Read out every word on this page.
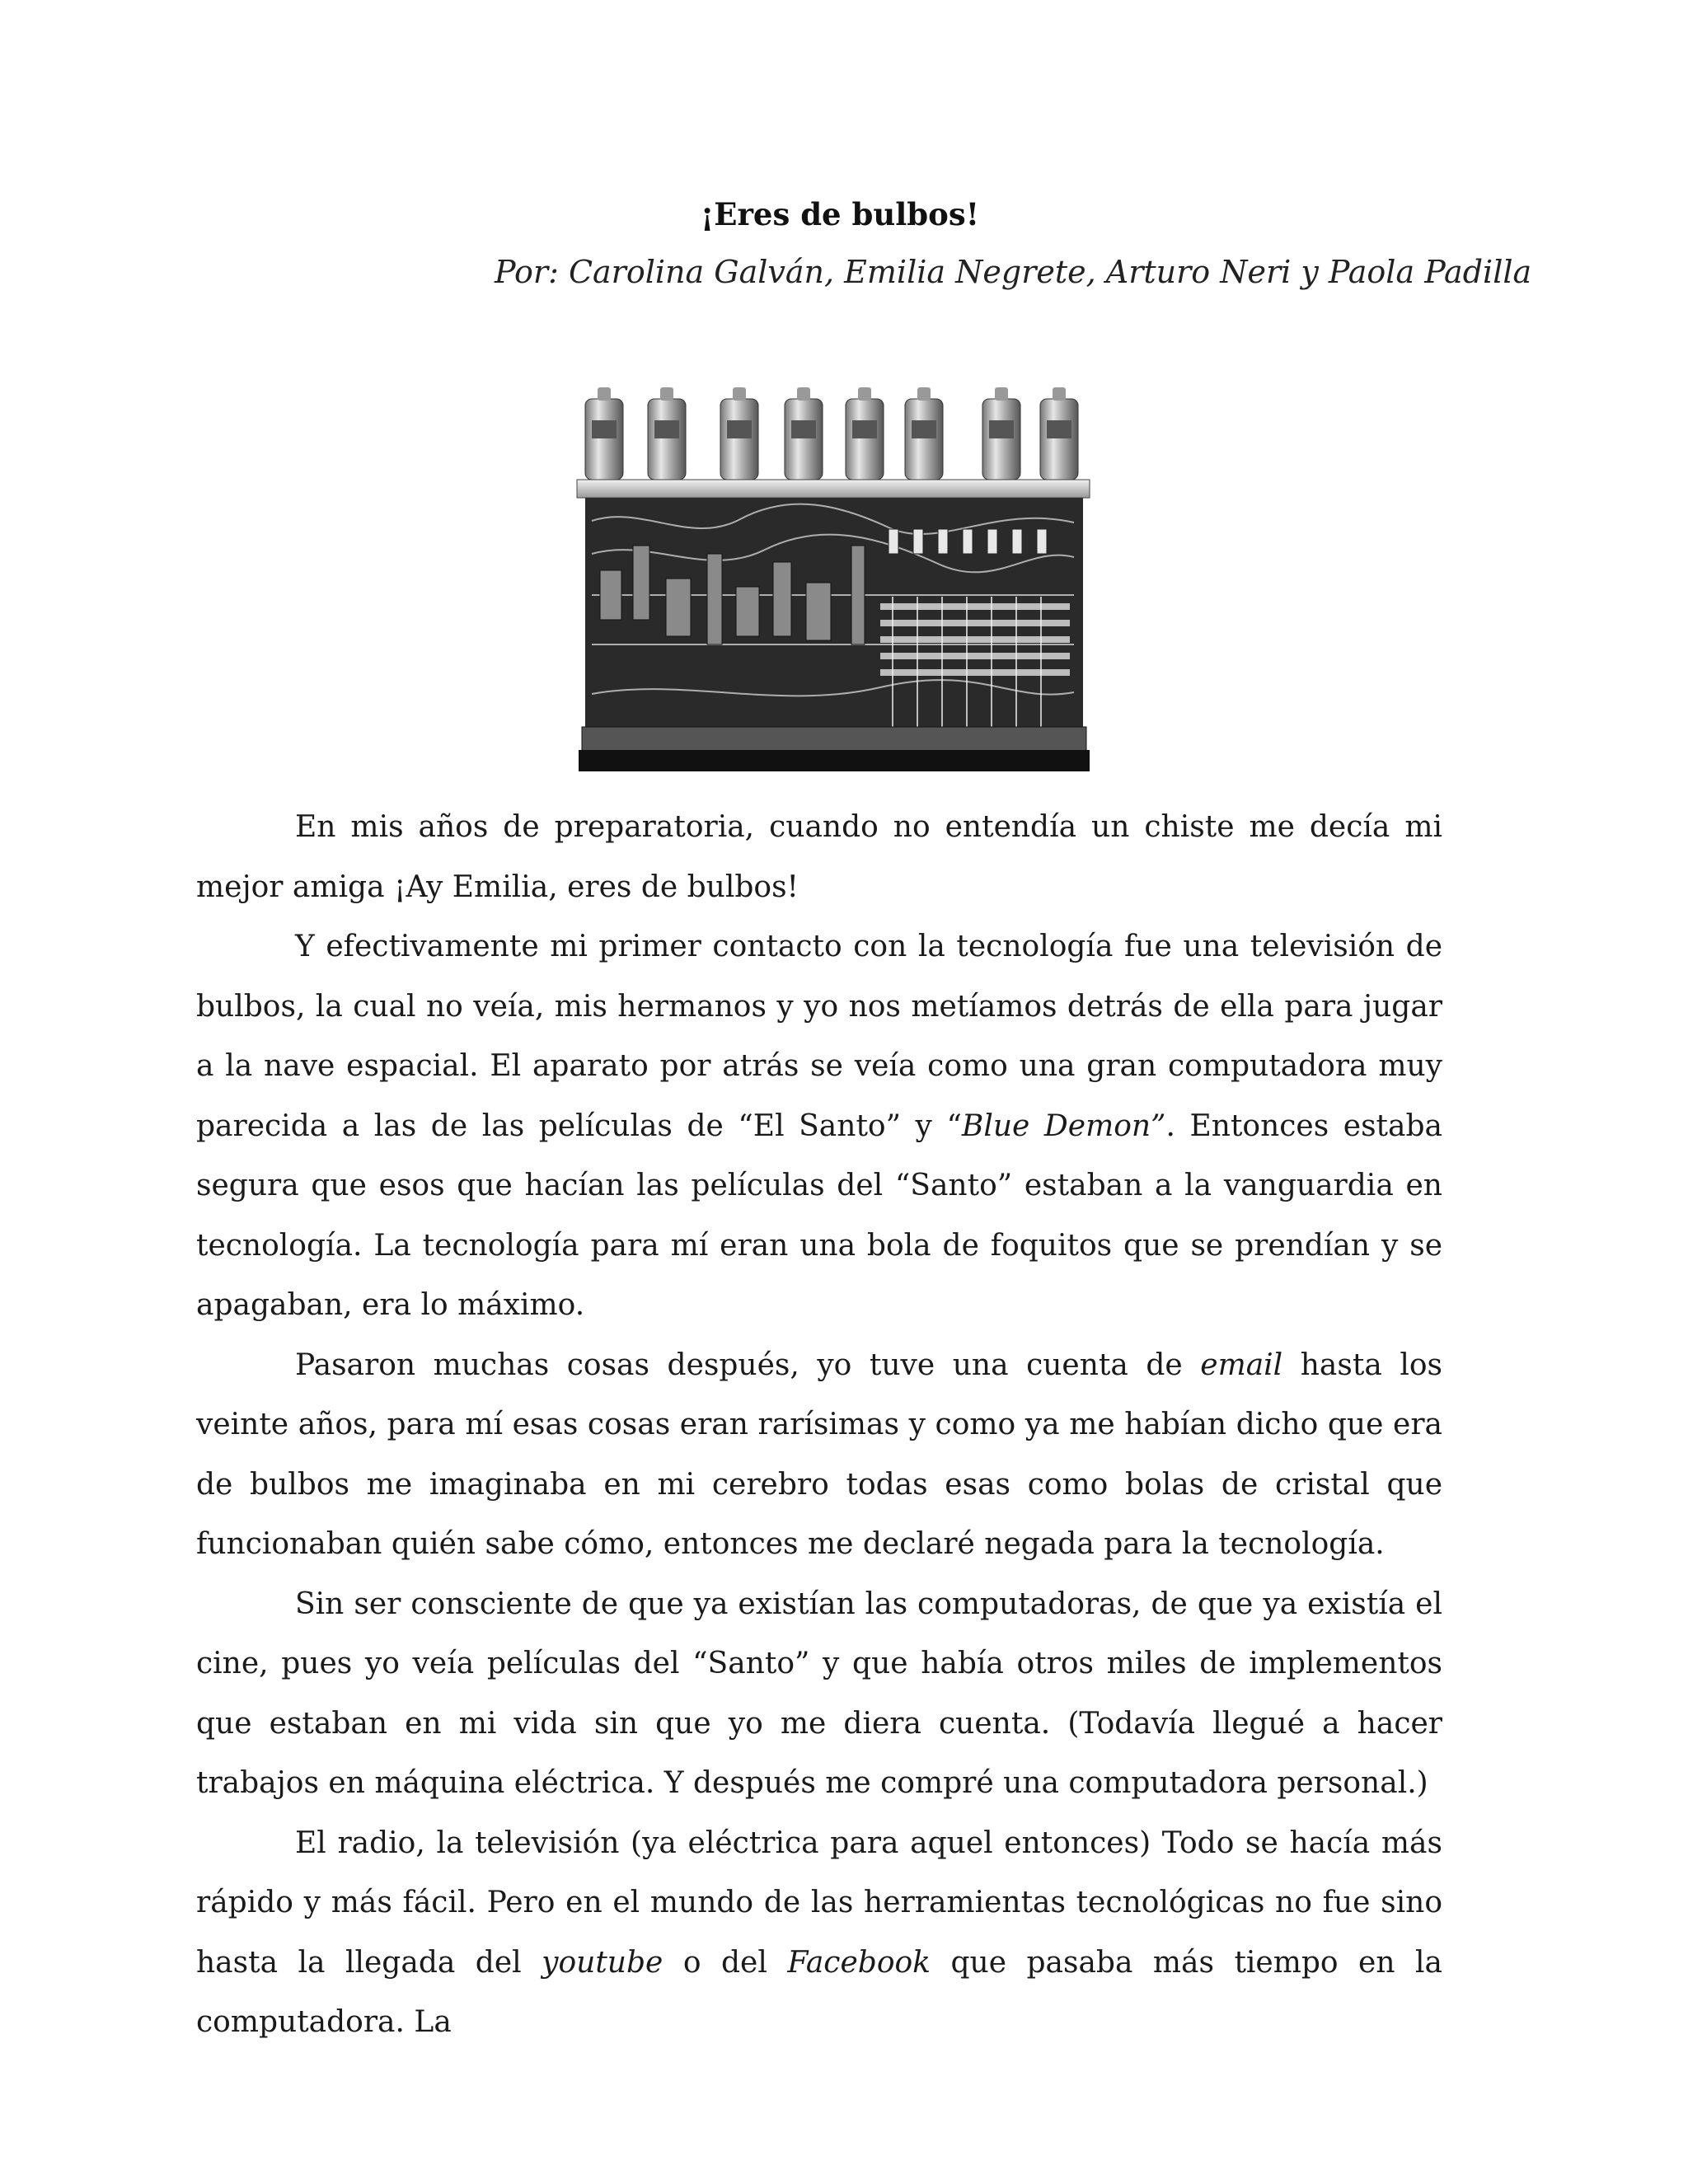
¡Eres de bulbos!
Por: Carolina Galván, Emilia Negrete, Arturo Neri y Paola Padilla

En mis años de preparatoria, cuando no entendía un chiste me decía mi mejor amiga ¡Ay Emilia, eres de bulbos!

Y efectivamente mi primer contacto con la tecnología fue una televisión de bulbos, la cual no veía, mis hermanos y yo nos metíamos detrás de ella para jugar a la nave espacial. El aparato por atrás se veía como una gran computadora muy parecida a las de las películas de “El Santo” y “Blue Demon”. Entonces estaba segura que esos que hacían las películas del “Santo” estaban a la vanguardia en tecnología. La tecnología para mí eran una bola de foquitos que se prendían y se apagaban, era lo máximo.

Pasaron muchas cosas después, yo tuve una cuenta de email hasta los veinte años, para mí esas cosas eran rarísimas y como ya me habían dicho que era de bulbos me imaginaba en mi cerebro todas esas como bolas de cristal que funcionaban quién sabe cómo, entonces me declaré negada para la tecnología.

Sin ser consciente de que ya existían las computadoras, de que ya existía el cine, pues yo veía películas del “Santo” y que había otros miles de implementos que estaban en mi vida sin que yo me diera cuenta. (Todavía llegué a hacer trabajos en máquina eléctrica. Y después me compré una computadora personal.)

El radio, la televisión (ya eléctrica para aquel entonces) Todo se hacía más rápido y más fácil. Pero en el mundo de las herramientas tecnológicas no fue sino hasta la llegada del youtube o del Facebook que pasaba más tiempo en la computadora. La
